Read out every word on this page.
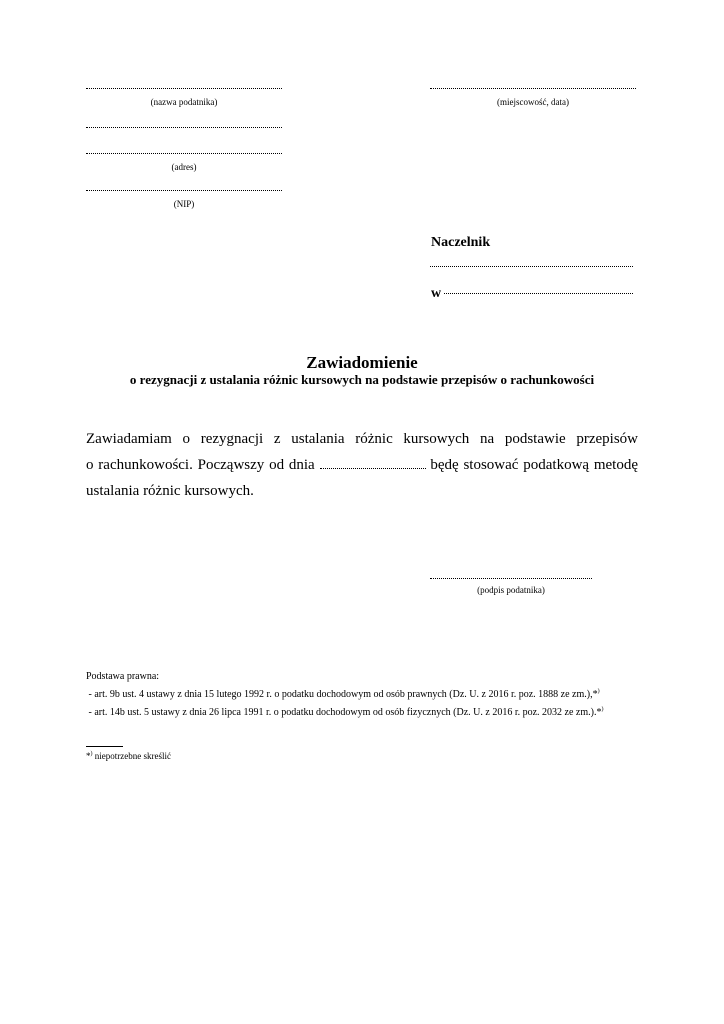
(nazwa podatnika)
(adres)
(NIP)
(miejscowość, data)
Naczelnik
w
Zawiadomienie
o rezygnacji z ustalania różnic kursowych na podstawie przepisów o rachunkowości
Zawiadamiam o rezygnacji z ustalania różnic kursowych na podstawie przepisów
o rachunkowości. Począwszy od dnia	będę stosować podatkową metodę
ustalania różnic kursowych.
(podpis podatnika)
Podstawa prawna:
- art. 9b ust. 4 ustawy z dnia 15 lutego 1992 r. o podatku dochodowym od osób prawnych (Dz. U. z 2016 r. poz. 1888 ze zm.),*)
- art. 14b ust. 5 ustawy z dnia 26 lipca 1991 r. o podatku dochodowym od osób fizycznych (Dz. U. z 2016 r. poz. 2032 ze zm.).*)
*) niepotrzebne skreślić
